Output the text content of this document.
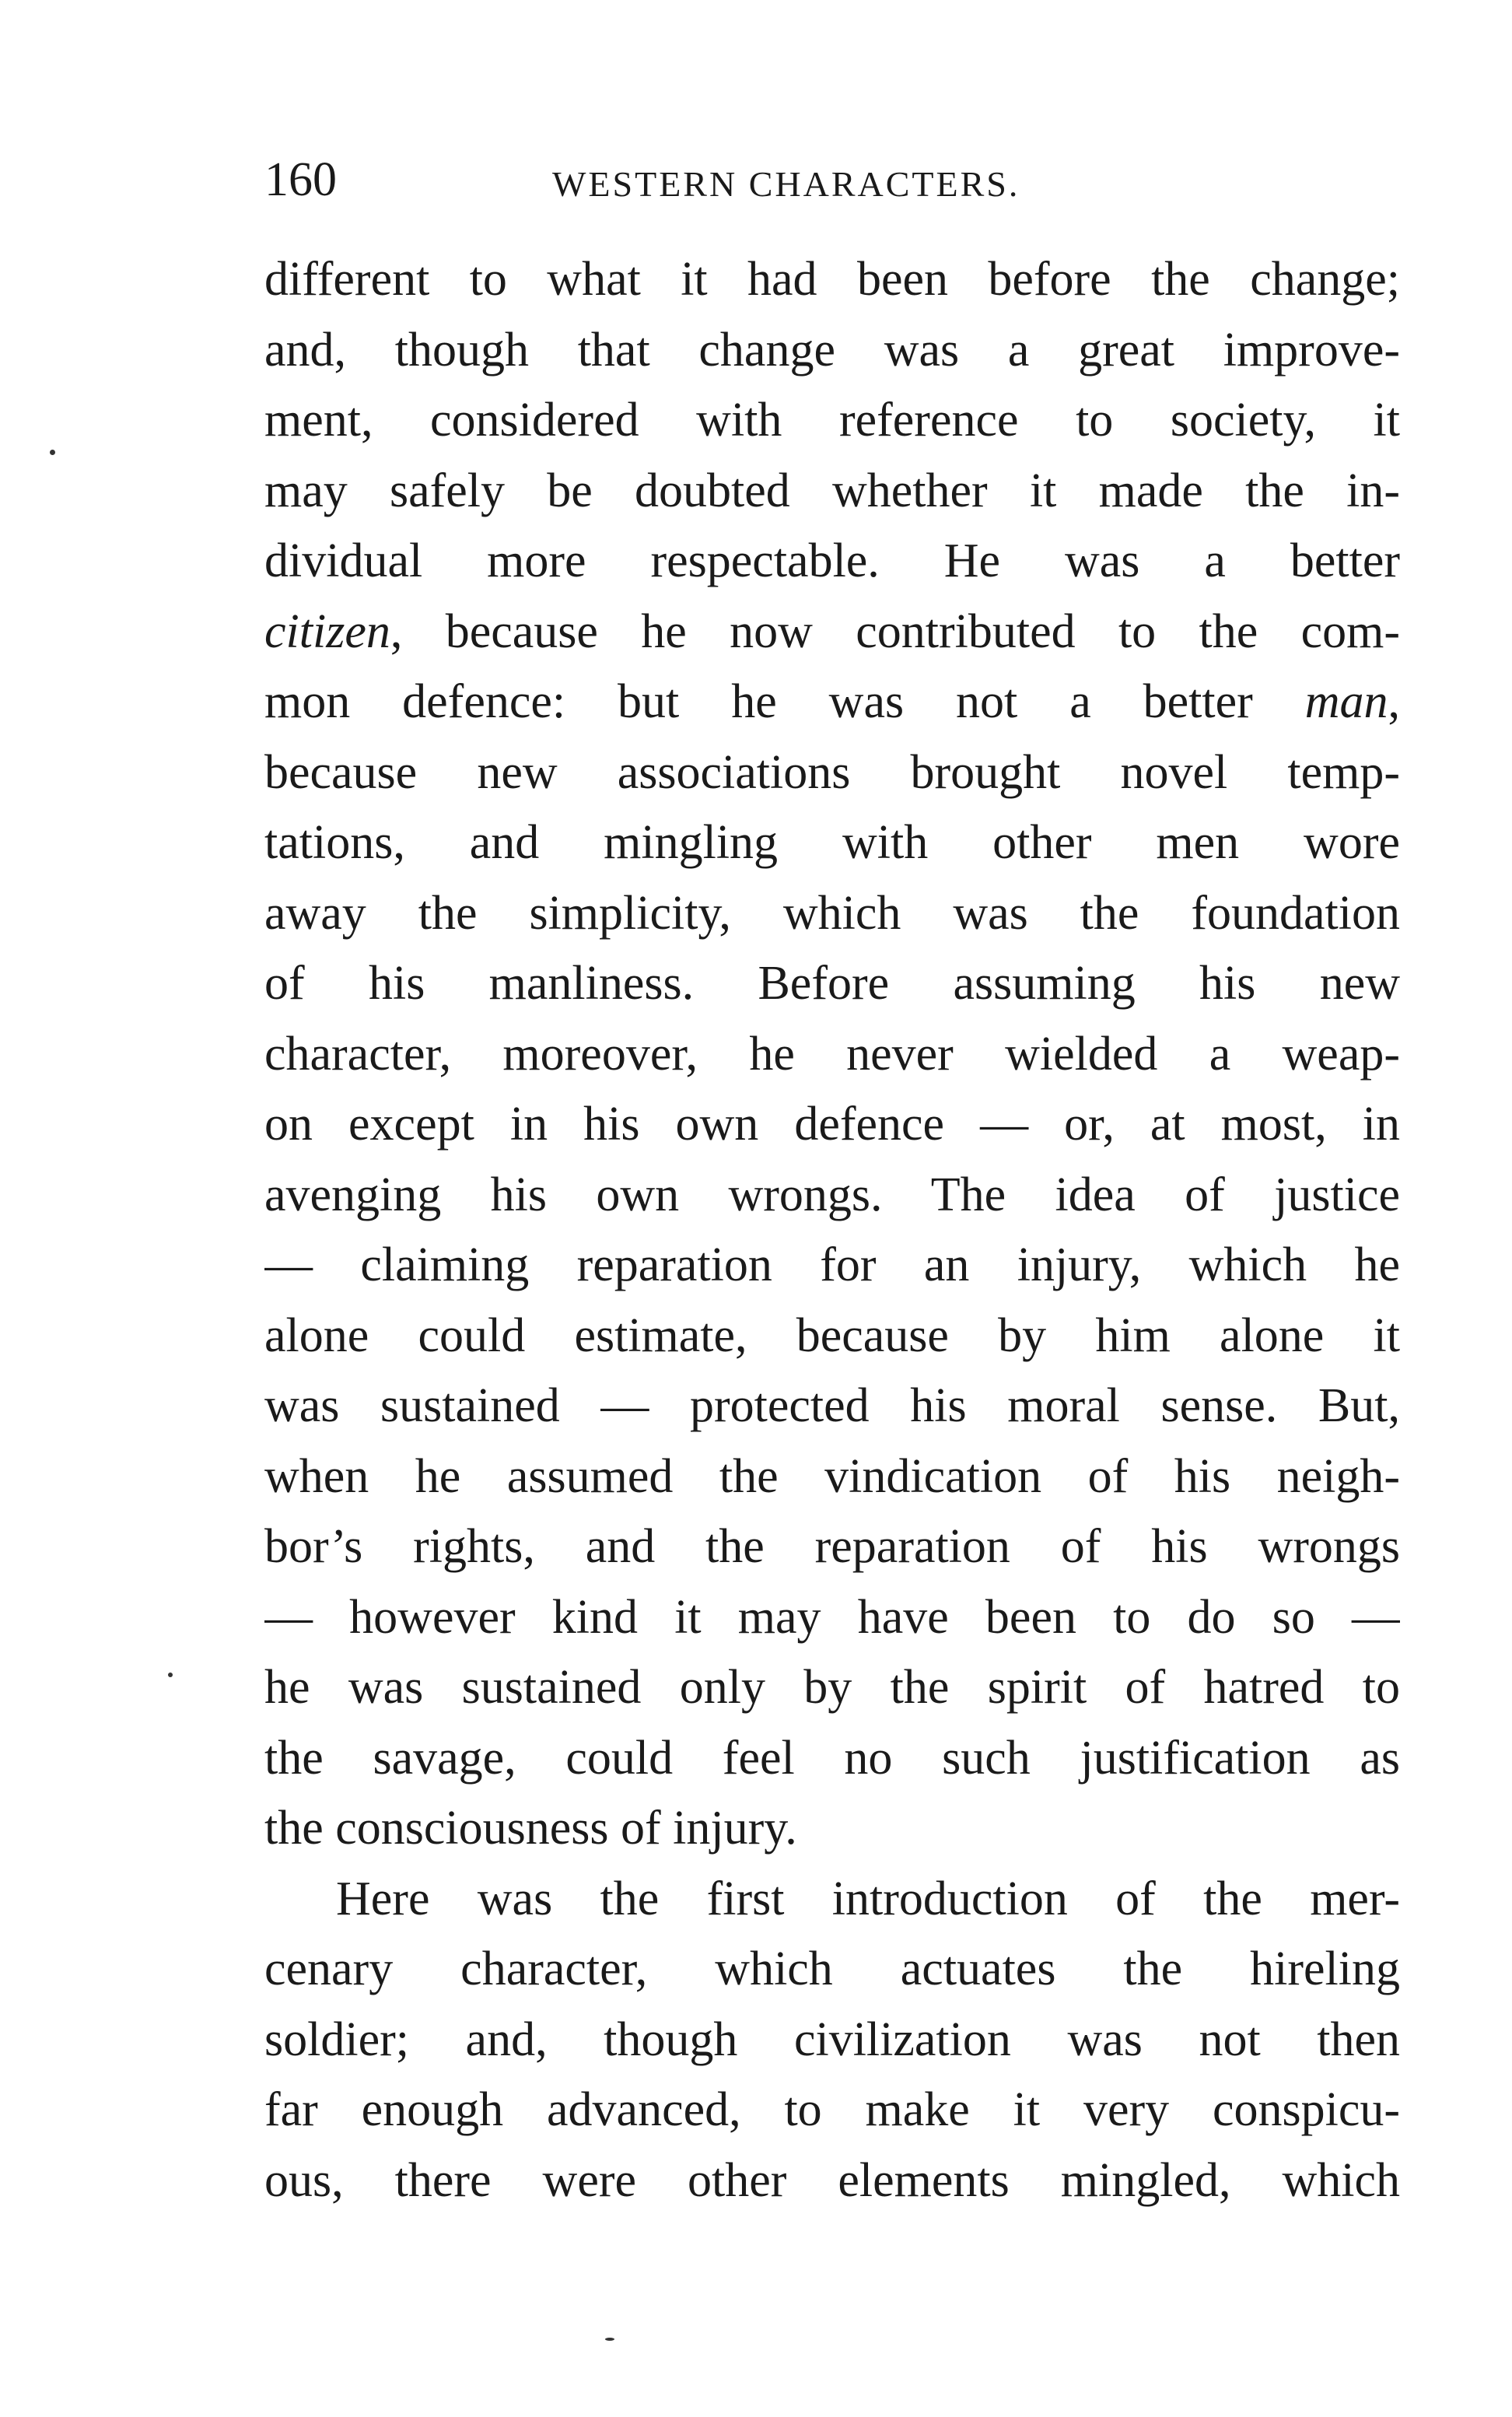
160	WESTERN CHARACTERS.
different to what it had been before the change;
and, though that change was a great improve-
ment, considered with reference to society, it
may safely be doubted whether it made the in-
dividual more respectable. He was a better
citizen, because he now contributed to the com-
mon defence: but he was not a better man,
because new associations brought novel temp-
tations, and mingling with other men wore
away the simplicity, which was the foundation
of his manliness. Before assuming his new
character, moreover, he never wielded a weap-
on except in his own defence — or, at most, in
avenging his own wrongs. The idea of justice
— claiming reparation for an injury, which he
alone could estimate, because by him alone it
was sustained — protected his moral sense. But,
when he assumed the vindication of his neigh-
bor’s rights, and the reparation of his wrongs
— however kind it may have been to do so —
he was sustained only by the spirit of hatred to
the savage, could feel no such justification as
the consciousness of injury.
Here was the first introduction of the mer-
cenary character, which actuates the hireling
soldier; and, though civilization was not then
far enough advanced, to make it very conspicu-
ous, there were other elements mingled, which
